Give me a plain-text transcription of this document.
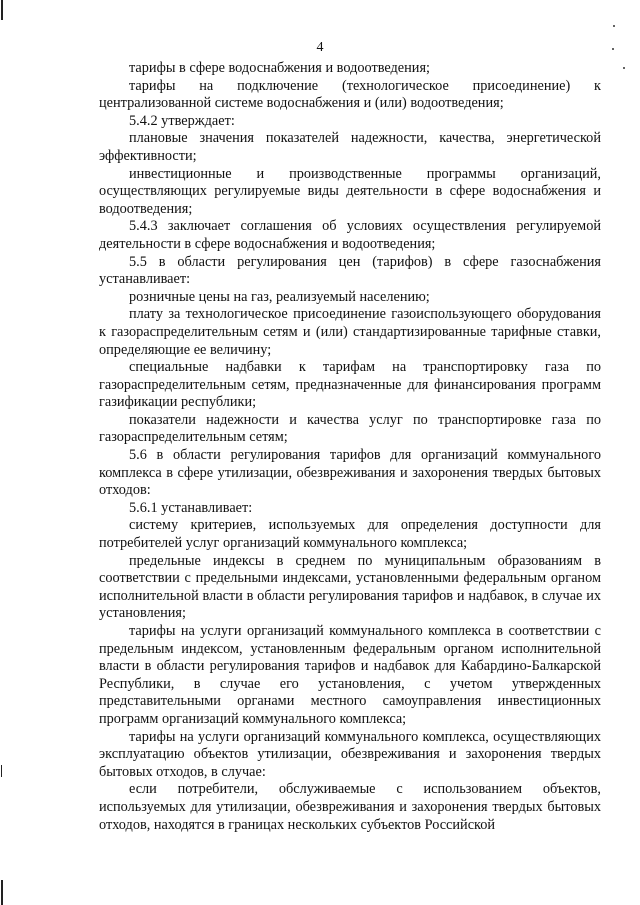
4

тарифы в сфере водоснабжения и водоотведения;

тарифы на подключение (технологическое присоединение) к централизованной системе водоснабжения и (или) водоотведения;

5.4.2 утверждает:

плановые значения показателей надежности, качества, энергетической эффективности;

инвестиционные и производственные программы организаций, осуществляющих регулируемые виды деятельности в сфере водоснабжения и водоотведения;

5.4.3 заключает соглашения об условиях осуществления регулируемой деятельности в сфере водоснабжения и водоотведения;

5.5 в области регулирования цен (тарифов) в сфере газоснабжения устанавливает:

розничные цены на газ, реализуемый населению;

плату за технологическое присоединение газоиспользующего оборудования к газораспределительным сетям и (или) стандартизированные тарифные ставки, определяющие ее величину;

специальные надбавки к тарифам на транспортировку газа по газораспределительным сетям, предназначенные для финансирования программ газификации республики;

показатели надежности и качества услуг по транспортировке газа по газораспределительным сетям;

5.6 в области регулирования тарифов для организаций коммунального комплекса в сфере утилизации, обезвреживания и захоронения твердых бытовых отходов:

5.6.1 устанавливает:

систему критериев, используемых для определения доступности для потребителей услуг организаций коммунального комплекса;

предельные индексы в среднем по муниципальным образованиям в соответствии с предельными индексами, установленными федеральным органом исполнительной власти в области регулирования тарифов и надбавок, в случае их установления;

тарифы на услуги организаций коммунального комплекса в соответствии с предельным индексом, установленным федеральным органом исполнительной власти в области регулирования тарифов и надбавок для Кабардино-Балкарской Республики, в случае его установления, с учетом утвержденных представительными органами местного самоуправления инвестиционных программ организаций коммунального комплекса;

тарифы на услуги организаций коммунального комплекса, осуществляющих эксплуатацию объектов утилизации, обезвреживания и захоронения твердых бытовых отходов, в случае:

если потребители, обслуживаемые с использованием объектов, используемых для утилизации, обезвреживания и захоронения твердых бытовых отходов, находятся в границах нескольких субъектов Российской
